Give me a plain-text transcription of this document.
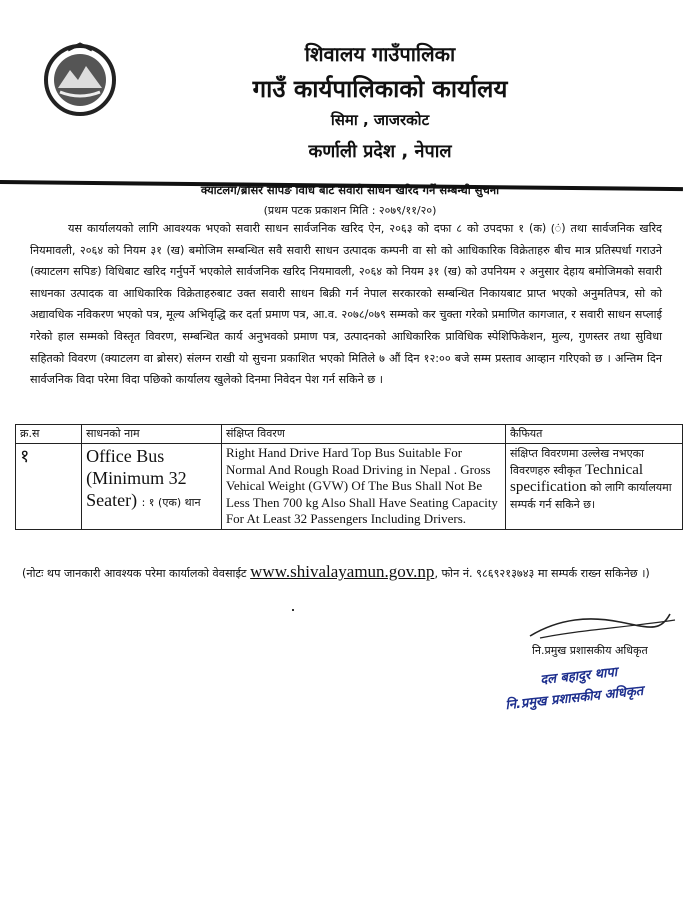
शिवालय गाउँपालिका
गाउँ कार्यपालिकाको कार्यालय
सिमा , जाजरकोट
कर्णाली प्रदेश , नेपाल
क्याटलग/ब्रोसर सपिङ विधि बाट सवारी साधन खरिद गर्ने सम्बन्धी सुचना
(प्रथम पटक प्रकाशन मिति : २०७९/११/२०)
यस कार्यालयको लागि आवश्यक भएको सवारी साधन सार्वजनिक खरिद ऐन, २०६३ को दफा ८ को उपदफा १ (क) (ं) तथा सार्वजनिक खरिद नियमावली, २०६४ को नियम ३१ (ख) बमोजिम सम्बन्धित सवै सवारी साधन उत्पादक कम्पनी वा सो को आधिकारिक विक्रेताहरु बीच मात्र प्रतिस्पर्धा गराउने (क्याटलग सपिङ) विधिबाट खरिद गर्नुपर्ने भएकोले सार्वजनिक खरिद नियमावली, २०६४ को नियम ३१ (ख) को उपनियम २ अनुसार देहाय बमोजिमको सवारी साधनका उत्पादक वा आधिकारिक विक्रेताहरुबाट उक्त सवारी साधन बिक्री गर्न नेपाल सरकारको सम्बन्धित निकायबाट प्राप्त भएको अनुमतिपत्र, सो को अद्यावधिक नविकरण भएको पत्र, मूल्य अभिवृद्धि कर दर्ता प्रमाण पत्र, आ.व. २०७८/०७९ सम्मको कर चुक्ता गरेको प्रमाणित कागजात, र सवारी साधन सप्लाई गरेको हाल सम्मको विस्तृत विवरण, सम्बन्धित कार्य अनुभवको प्रमाण पत्र, उत्पादनको आधिकारिक प्राविधिक स्पेशिफिकेशन, मुल्य, गुणस्तर तथा सुविधा सहितको विवरण (क्याटलग वा ब्रोसर) संलग्न राखी यो सुचना प्रकाशित भएको मितिले ७ औं दिन १२:०० बजे सम्म प्रस्ताव आव्हान गरिएको छ । अन्तिम दिन सार्वजनिक विदा परेमा विदा पछिको कार्यालय खुलेको दिनमा निवेदन पेश गर्न सकिने छ ।
क्र.स	साधनको नाम	संक्षिप्त विवरण	कैफियत
१	Office Bus (Minimum 32 Seater) : १ (एक) थान	Right Hand Drive Hard Top Bus Suitable For Normal And Rough Road Driving in Nepal . Gross Vehical Weight (GVW) Of The Bus Shall Not Be Less Then 700 kg Also Shall Have Seating Capacity For At Least 32 Passengers Including Drivers.	संक्षिप्त विवरणमा उल्लेख नभएका विवरणहरु स्वीकृत Technical specification को लागि कार्यालयमा सम्पर्क गर्न सकिने छ।
(नोटः थप जानकारी आवश्यक परेमा कार्यालको वेवसाईट www.shivalayamun.gov.np, फोन नं. ९८६९२१३७४३ मा सम्पर्क राख्न सकिनेछ ।)
नि.प्रमुख प्रशासकीय अधिकृत
दल बहादुर थापा
नि.प्रमुख प्रशासकीय अधिकृत
